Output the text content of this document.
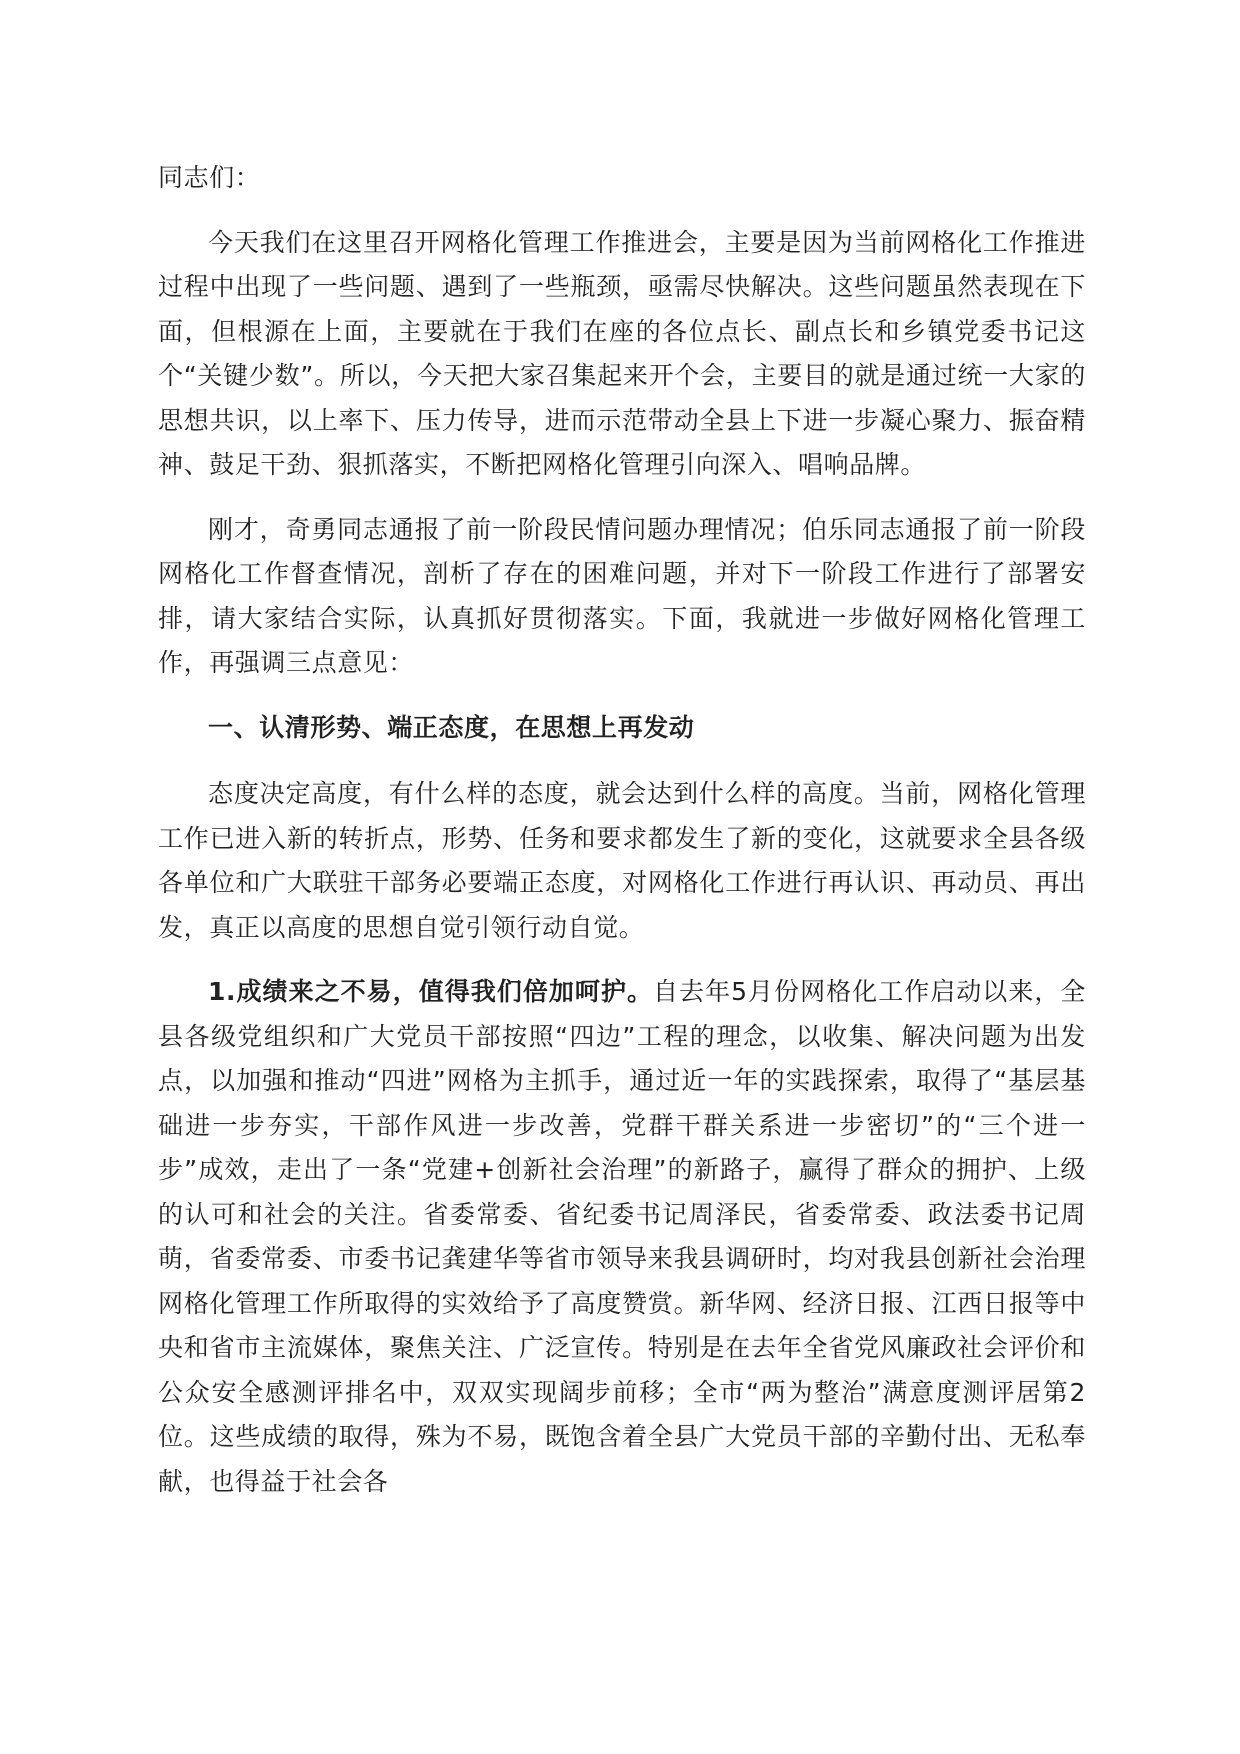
同志们：

今天我们在这里召开网格化管理工作推进会，主要是因为当前网格化工作推进过程中出现了一些问题、遇到了一些瓶颈，亟需尽快解决。这些问题虽然表现在下面，但根源在上面，主要就在于我们在座的各位点长、副点长和乡镇党委书记这个“关键少数”。所以，今天把大家召集起来开个会，主要目的就是通过统一大家的思想共识，以上率下、压力传导，进而示范带动全县上下进一步凝心聚力、振奋精神、鼓足干劲、狠抓落实，不断把网格化管理引向深入、唱响品牌。

刚才，奇勇同志通报了前一阶段民情问题办理情况；伯乐同志通报了前一阶段网格化工作督查情况，剖析了存在的困难问题，并对下一阶段工作进行了部署安排，请大家结合实际，认真抓好贯彻落实。下面，我就进一步做好网格化管理工作，再强调三点意见：

一、认清形势、端正态度，在思想上再发动

态度决定高度，有什么样的态度，就会达到什么样的高度。当前，网格化管理工作已进入新的转折点，形势、任务和要求都发生了新的变化，这就要求全县各级各单位和广大联驻干部务必要端正态度，对网格化工作进行再认识、再动员、再出发，真正以高度的思想自觉引领行动自觉。

1.成绩来之不易，值得我们倍加呵护。自去年5月份网格化工作启动以来，全县各级党组织和广大党员干部按照“四边”工程的理念，以收集、解决问题为出发点，以加强和推动“四进”网格为主抓手，通过近一年的实践探索，取得了“基层基础进一步夯实，干部作风进一步改善，党群干群关系进一步密切”的“三个进一步”成效，走出了一条“党建+创新社会治理”的新路子，赢得了群众的拥护、上级的认可和社会的关注。省委常委、省纪委书记周泽民，省委常委、政法委书记周萌，省委常委、市委书记龚建华等省市领导来我县调研时，均对我县创新社会治理网格化管理工作所取得的实效给予了高度赞赏。新华网、经济日报、江西日报等中央和省市主流媒体，聚焦关注、广泛宣传。特别是在去年全省党风廉政社会评价和公众安全感测评排名中，双双实现阔步前移；全市“两为整治”满意度测评居第2位。这些成绩的取得，殊为不易，既饱含着全县广大党员干部的辛勤付出、无私奉献，也得益于社会各
